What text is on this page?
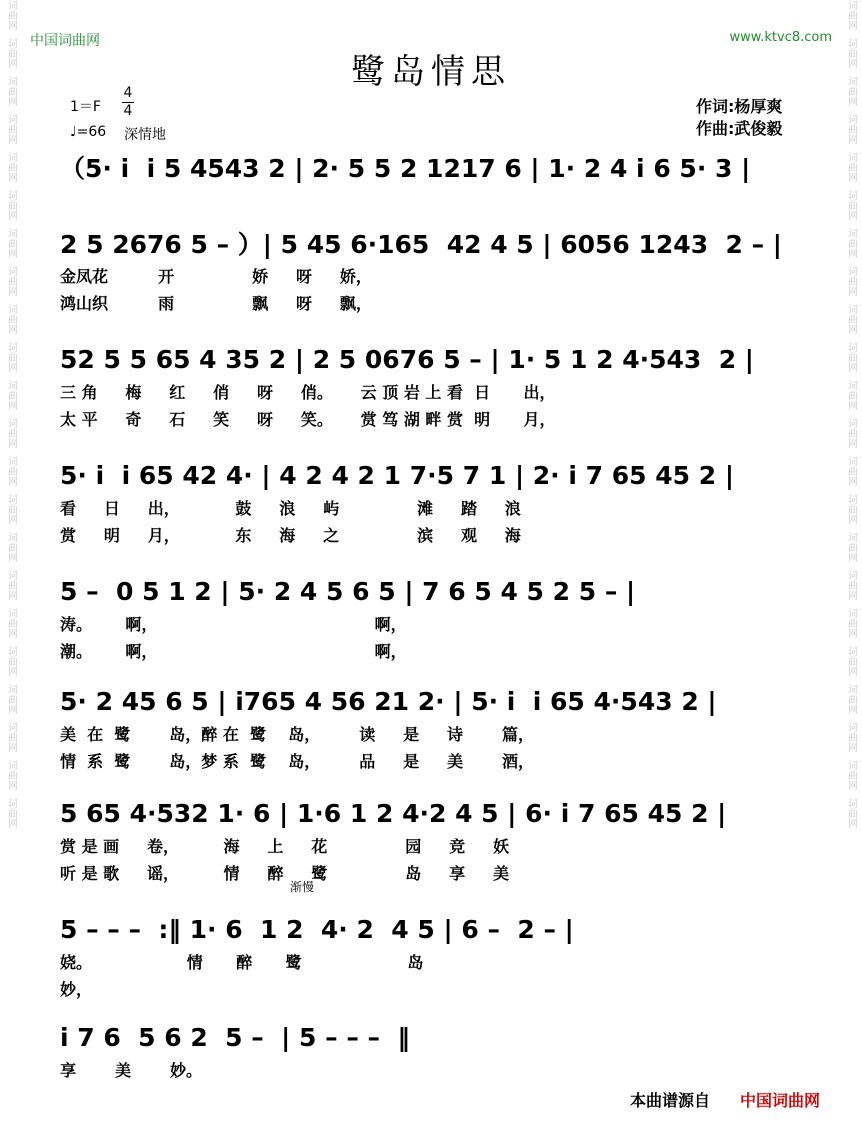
词曲网
词曲网
词曲网
词曲网
词曲网
词曲网
词曲网
词曲网
词曲网
词曲网
词曲网
词曲网
词曲网
词曲网
词曲网
词曲网
词曲网
词曲网
词曲网
词曲网
词曲网
词曲网
词曲网
词曲网
词曲网
词曲网
词曲网
词曲网
词曲网
词曲网
词曲网
词曲网
词曲网
词曲网
词曲网
词曲网
词曲网
词曲网
词曲网
词曲网
词曲网
词曲网
词曲网
词曲网
中国词曲网	www.ktvc8.com
鹭岛情思
1＝F
4
4
♩=66 深情地
作词:杨厚爽
作曲:武俊毅
渐慢
（5· i  i 5 4543 2 | 2· 5 5 2 1217 6 | 1· 2 4 i 6 5· 3 |
2 5 2676 5 – ）| 5 45 6·165  42 4 5 | 6056 1243  2 – |
金凤花         开              娇     呀     娇，
鸿山织         雨              飘     呀     飘，
52 5 5 65 4 35 2 | 2 5 0676 5 – | 1· 5 1 2 4·543  2 |
三 角     梅     红     俏     呀     俏。     云 顶 岩 上 看  日      出，
太 平     奇     石     笑     呀     笑。     赏 笃 湖 畔 赏  明      月，
5· i  i 65 42 4· | 4 2 4 2 1 7·5 7 1 | 2· i 7 65 45 2 |
看     日     出，          鼓     浪     屿              滩     踏     浪
赏     明     月，          东     海     之              滨     观     海
5 –  0 5 1 2 | 5· 2 4 5 6 5 | 7 6 5 4 5 2 5 – |
涛。      啊，                                       啊，
潮。      啊，                                       啊，
5· 2 45 6 5 | i765 4 56 21 2· | 5· i  i 65 4·543 2 |
美  在  鹭       岛，醉 在  鹭    岛，       读     是     诗       篇，
情  系  鹭       岛，梦 系  鹭    岛，       品     是     美       酒，
5 65 4·532 1· 6 | 1·6 1 2 4·2 4 5 | 6· i 7 65 45 2 |
赏 是 画     卷，        海     上     花              园     竞     妖
听 是 歌     谣，        情     醉     鹭              岛     享     美
5 – – –  :‖ 1· 6  1 2  4· 2  4 5 | 6 –  2 – |
娆。                 情      醉      鹭                   岛
妙，
i 7 6  5 6 2  5 –  | 5 – – –  ‖
享       美       妙。
本曲谱源自 中国词曲网
